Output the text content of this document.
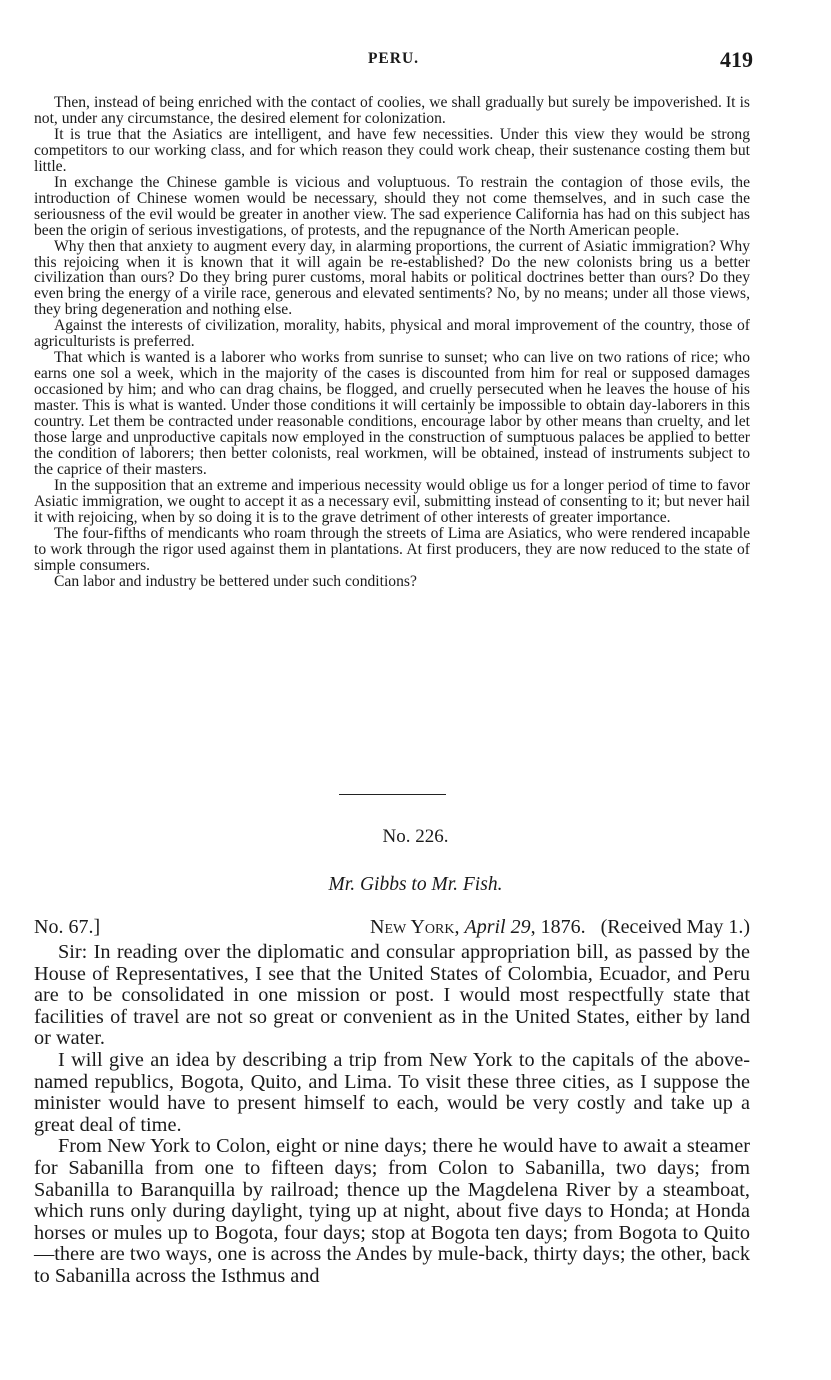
PERU.	419

Then, instead of being enriched with the contact of coolies, we shall gradually but surely be impoverished. It is not, under any circumstance, the desired element for colonization.

It is true that the Asiatics are intelligent, and have few necessities. Under this view they would be strong competitors to our working class, and for which reason they could work cheap, their sustenance costing them but little.

In exchange the Chinese gamble is vicious and voluptuous. To restrain the contagion of those evils, the introduction of Chinese women would be necessary, should they not come themselves, and in such case the seriousness of the evil would be greater in another view. The sad experience California has had on this subject has been the origin of serious investigations, of protests, and the repugnance of the North American people.

Why then that anxiety to augment every day, in alarming proportions, the current of Asiatic immigration? Why this rejoicing when it is known that it will again be re-established? Do the new colonists bring us a better civilization than ours? Do they bring purer customs, moral habits or political doctrines better than ours? Do they even bring the energy of a virile race, generous and elevated sentiments? No, by no means; under all those views, they bring degeneration and nothing else.

Against the interests of civilization, morality, habits, physical and moral improvement of the country, those of agriculturists is preferred.

That which is wanted is a laborer who works from sunrise to sunset; who can live on two rations of rice; who earns one sol a week, which in the majority of the cases is discounted from him for real or supposed damages occasioned by him; and who can drag chains, be flogged, and cruelly persecuted when he leaves the house of his master. This is what is wanted. Under those conditions it will certainly be impossible to obtain day-laborers in this country. Let them be contracted under reasonable conditions, encourage labor by other means than cruelty, and let those large and unproductive capitals now employed in the construction of sumptuous palaces be applied to better the condition of laborers; then better colonists, real workmen, will be obtained, instead of instruments subject to the caprice of their masters.

In the supposition that an extreme and imperious necessity would oblige us for a longer period of time to favor Asiatic immigration, we ought to accept it as a necessary evil, submitting instead of consenting to it; but never hail it with rejoicing, when by so doing it is to the grave detriment of other interests of greater importance.

The four-fifths of mendicants who roam through the streets of Lima are Asiatics, who were rendered incapable to work through the rigor used against them in plantations. At first producers, they are now reduced to the state of simple consumers.

Can labor and industry be bettered under such conditions?

No. 226.
Mr. Gibbs to Mr. Fish.
No. 67.]	New York, April 29, 1876. (Received May 1.)

Sir: In reading over the diplomatic and consular appropriation bill, as passed by the House of Representatives, I see that the United States of Colombia, Ecuador, and Peru are to be consolidated in one mission or post. I would most respectfully state that facilities of travel are not so great or convenient as in the United States, either by land or water.

I will give an idea by describing a trip from New York to the capitals of the above-named republics, Bogota, Quito, and Lima. To visit these three cities, as I suppose the minister would have to present himself to each, would be very costly and take up a great deal of time.

From New York to Colon, eight or nine days; there he would have to await a steamer for Sabanilla from one to fifteen days; from Colon to Sabanilla, two days; from Sabanilla to Baranquilla by railroad; thence up the Magdelena River by a steamboat, which runs only during daylight, tying up at night, about five days to Honda; at Honda horses or mules up to Bogota, four days; stop at Bogota ten days; from Bogota to Quito—there are two ways, one is across the Andes by mule-back, thirty days; the other, back to Sabanilla across the Isthmus and
